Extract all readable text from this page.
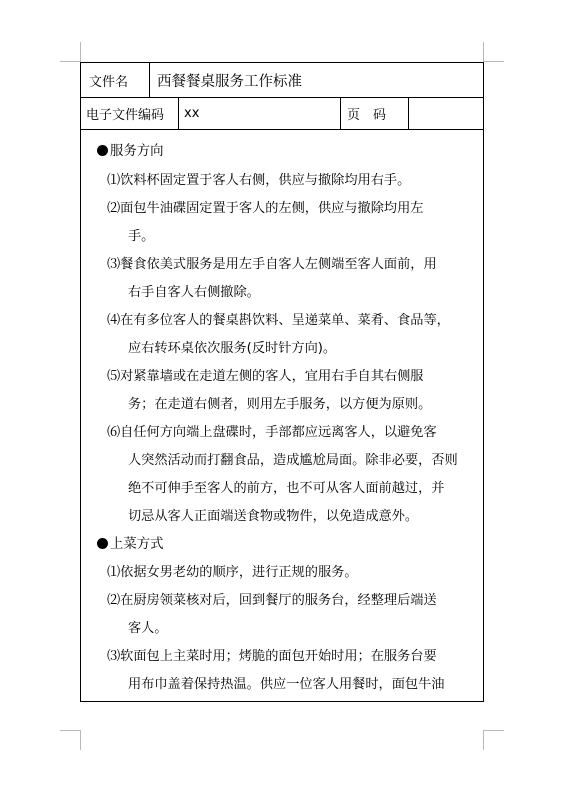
文件名 西餐餐桌服务工作标准
电子文件编码 xx	页　码
服务方向
⑴饮料杯固定置于客人右侧，供应与撤除均用右手。
⑵面包牛油碟固定置于客人的左侧，供应与撤除均用左
手。
⑶餐食依美式服务是用左手自客人左侧端至客人面前，用
右手自客人右侧撤除。
⑷在有多位客人的餐桌斟饮料、呈递菜单、菜肴、食品等，
应右转环桌依次服务(反时针方向)。
⑸对紧靠墙或在走道左侧的客人，宜用右手自其右侧服
务；在走道右侧者，则用左手服务，以方便为原则。
⑹自任何方向端上盘碟时，手部都应远离客人，以避免客
人突然活动而打翻食品，造成尴尬局面。除非必要，否则
绝不可伸手至客人的前方，也不可从客人面前越过，并
切忌从客人正面端送食物或物件，以免造成意外。
上菜方式
⑴依据女男老幼的顺序，进行正规的服务。
⑵在厨房领菜核对后，回到餐厅的服务台，经整理后端送
客人。
⑶软面包上主菜时用；烤脆的面包开始时用；在服务台要
用布巾盖着保持热温。供应一位客人用餐时，面包牛油
